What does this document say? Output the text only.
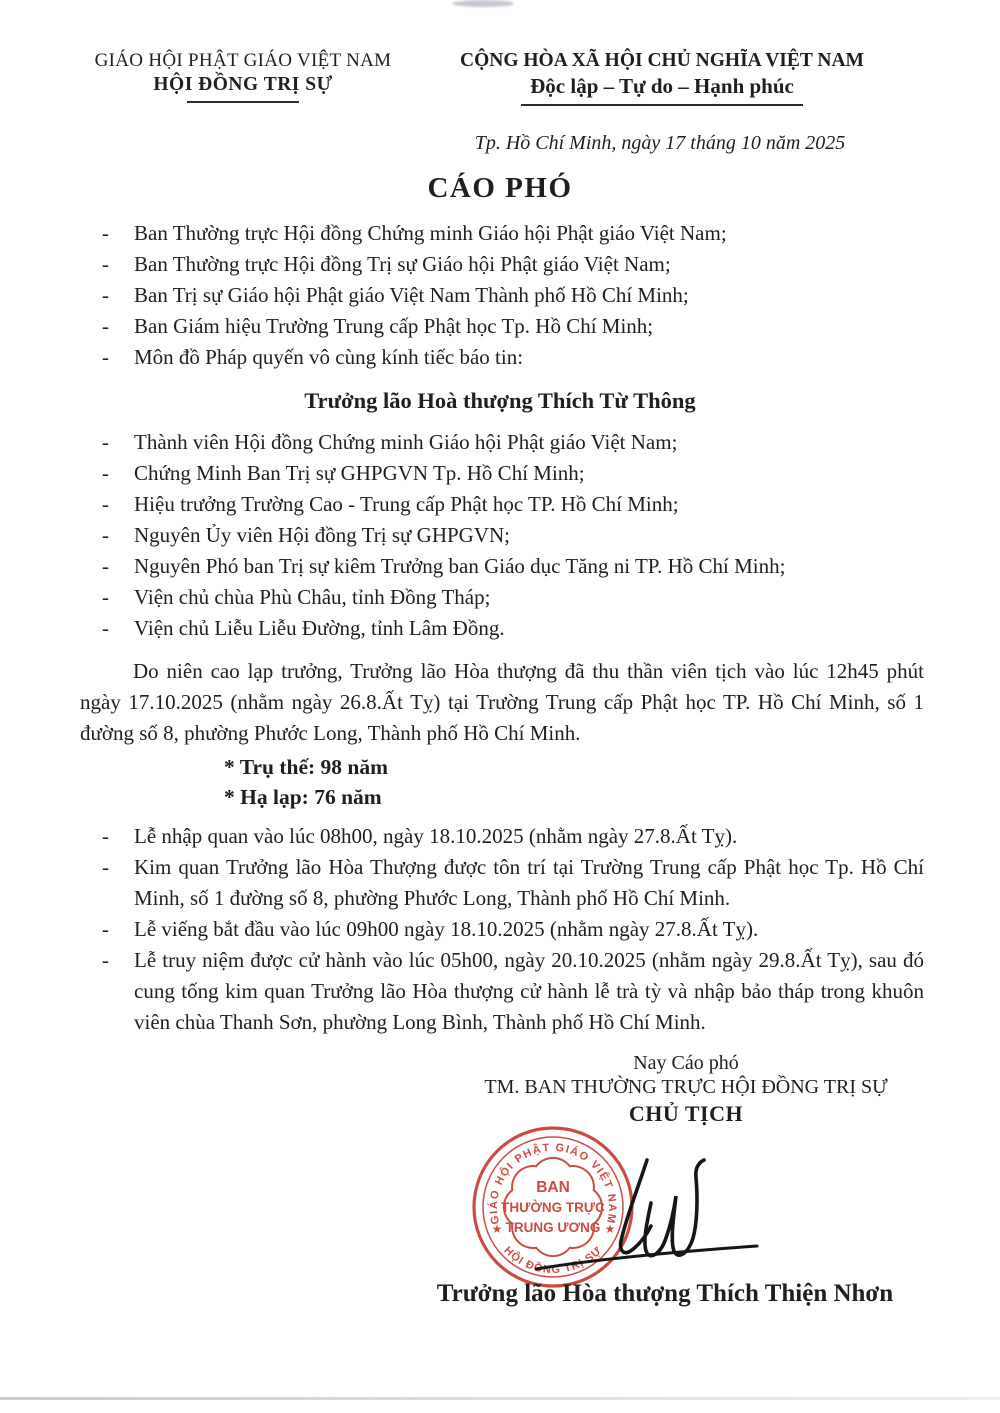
GIÁO HỘI PHẬT GIÁO VIỆT NAM
HỘI ĐỒNG TRỊ SỰ
CỘNG HÒA XÃ HỘI CHỦ NGHĨA VIỆT NAM
Độc lập – Tự do – Hạnh phúc
Tp. Hồ Chí Minh, ngày 17 tháng 10 năm 2025
CÁO PHÓ
-	Ban Thường trực Hội đồng Chứng minh Giáo hội Phật giáo Việt Nam;
-	Ban Thường trực Hội đồng Trị sự Giáo hội Phật giáo Việt Nam;
-	Ban Trị sự Giáo hội Phật giáo Việt Nam Thành phố Hồ Chí Minh;
-	Ban Giám hiệu Trường Trung cấp Phật học Tp. Hồ Chí Minh;
-	Môn đồ Pháp quyến vô cùng kính tiếc báo tin:
Trưởng lão Hoà thượng Thích Từ Thông
-	Thành viên Hội đồng Chứng minh Giáo hội Phật giáo Việt Nam;
-	Chứng Minh Ban Trị sự GHPGVN Tp. Hồ Chí Minh;
-	Hiệu trưởng Trường Cao - Trung cấp Phật học TP. Hồ Chí Minh;
-	Nguyên Ủy viên Hội đồng Trị sự GHPGVN;
-	Nguyên Phó ban Trị sự kiêm Trưởng ban Giáo dục Tăng ni TP. Hồ Chí Minh;
-	Viện chủ chùa Phù Châu, tỉnh Đồng Tháp;
-	Viện chủ Liễu Liễu Đường, tỉnh Lâm Đồng.
Do niên cao lạp trưởng, Trưởng lão Hòa thượng đã thu thần viên tịch vào lúc 12h45 phút ngày 17.10.2025 (nhằm ngày 26.8.Ất Tỵ) tại Trường Trung cấp Phật học TP. Hồ Chí Minh, số 1 đường số 8, phường Phước Long, Thành phố Hồ Chí Minh.
* Trụ thế: 98 năm
* Hạ lạp: 76 năm
-	Lễ nhập quan vào lúc 08h00, ngày 18.10.2025 (nhằm ngày 27.8.Ất Tỵ).
-	Kim quan Trưởng lão Hòa Thượng được tôn trí tại Trường Trung cấp Phật học Tp. Hồ Chí Minh, số 1 đường số 8, phường Phước Long, Thành phố Hồ Chí Minh.
-	Lễ viếng bắt đầu vào lúc 09h00 ngày 18.10.2025 (nhằm ngày 27.8.Ất Tỵ).
-	Lễ truy niệm được cử hành vào lúc 05h00, ngày 20.10.2025 (nhằm ngày 29.8.Ất Tỵ), sau đó cung tống kim quan Trưởng lão Hòa thượng cử hành lễ trà tỳ và nhập bảo tháp trong khuôn viên chùa Thanh Sơn, phường Long Bình, Thành phố Hồ Chí Minh.
Nay Cáo phó
TM. BAN THƯỜNG TRỰC HỘI ĐỒNG TRỊ SỰ
CHỦ TỊCH
GIÁO HỘI PHẬT GIÁO VIỆT NAM
HỘI ĐỒNG TRỊ SỰ
★	★
BAN
THƯỜNG TRỰC
TRUNG ƯƠNG
Trưởng lão Hòa thượng Thích Thiện Nhơn
